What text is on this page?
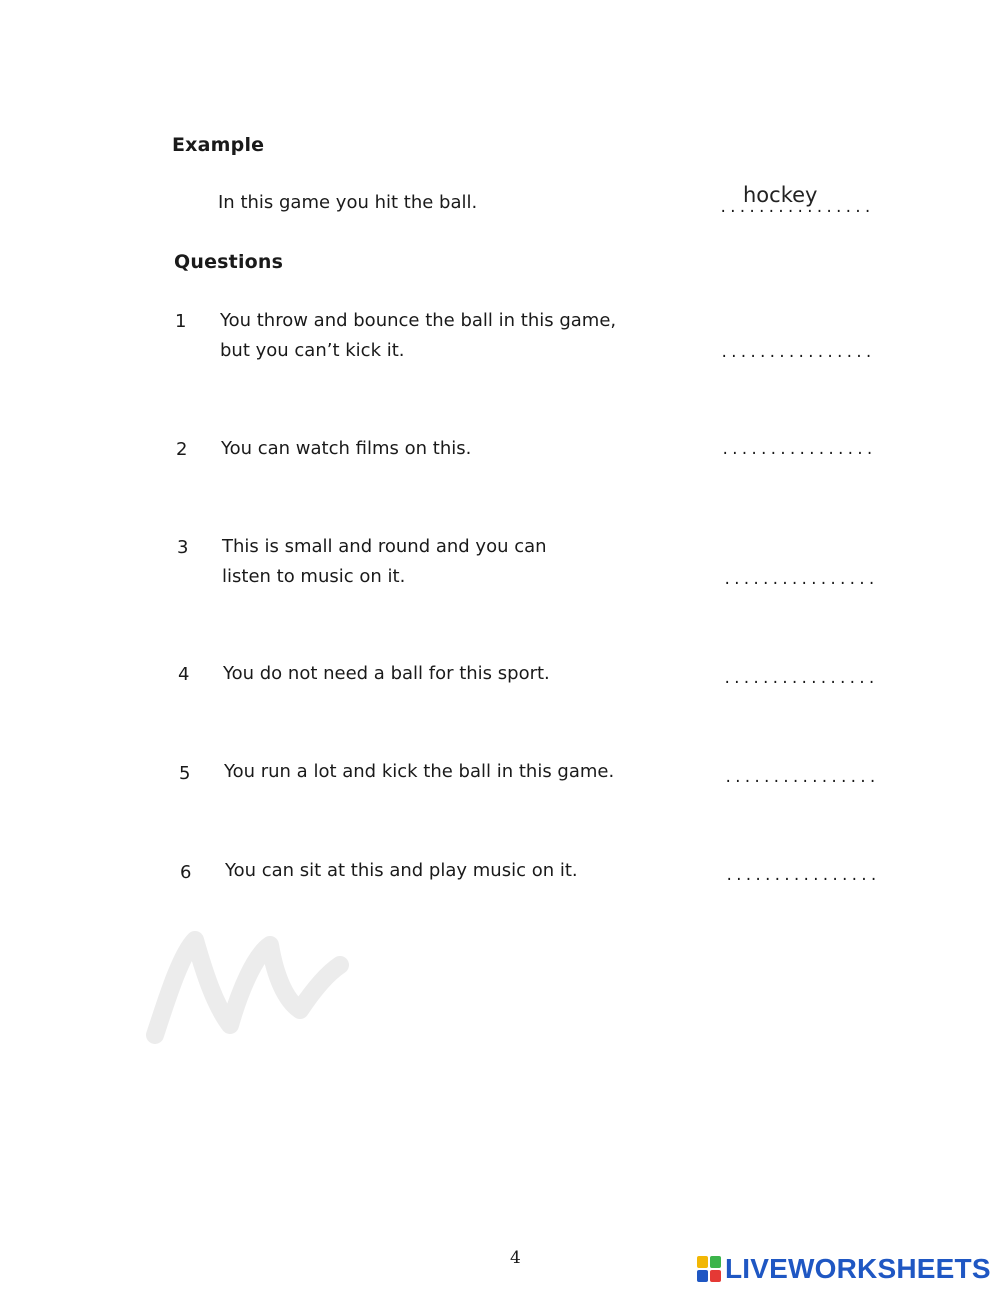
Example
In this game you hit the ball.	hockey
................
Questions
1 You throw and bounce the ball in this game,
but you can’t kick it.	................
2 You can watch films on this.	................
3 This is small and round and you can
listen to music on it.	................
4 You do not need a ball for this sport.	................
5 You run a lot and kick the ball in this game.	................
6 You can sit at this and play music on it.	................
4	LIVEWORKSHEETS
